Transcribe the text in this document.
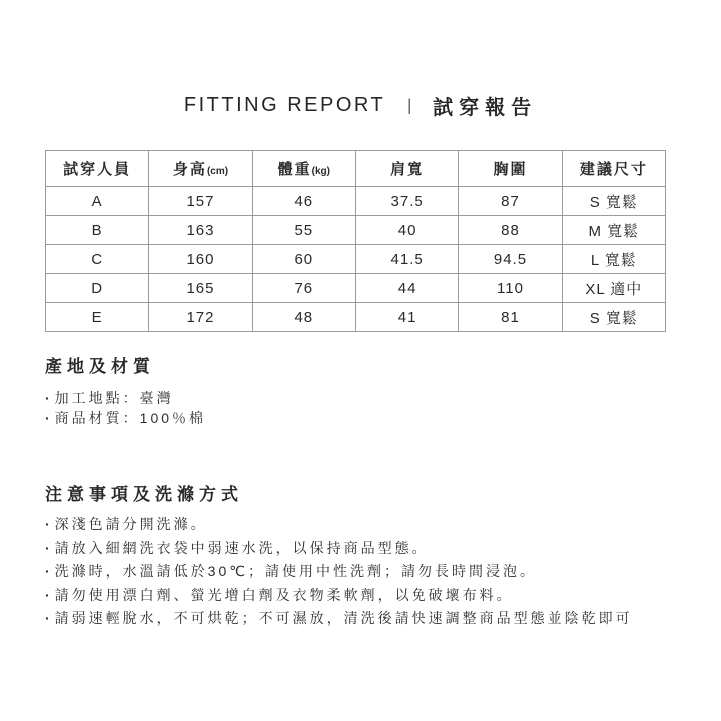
FITTING REPORT | 試穿報告
試穿人員	身高(cm)	體重(kg)	肩寬	胸圍	建議尺寸
A	157	46	37.5	87	S 寬鬆
B	163	55	40	88	M 寬鬆
C	160	60	41.5	94.5	L 寬鬆
D	165	76	44	110	XL 適中
E	172	48	41	81	S 寬鬆
產地及材質
· 加工地點：臺灣
· 商品材質：100％棉
注意事項及洗滌方式
· 深淺色請分開洗滌。
· 請放入細網洗衣袋中弱速水洗，以保持商品型態。
· 洗滌時，水溫請低於30℃；請使用中性洗劑；請勿長時間浸泡。
· 請勿使用漂白劑、螢光增白劑及衣物柔軟劑，以免破壞布料。
· 請弱速輕脫水，不可烘乾；不可濕放，清洗後請快速調整商品型態並陰乾即可
